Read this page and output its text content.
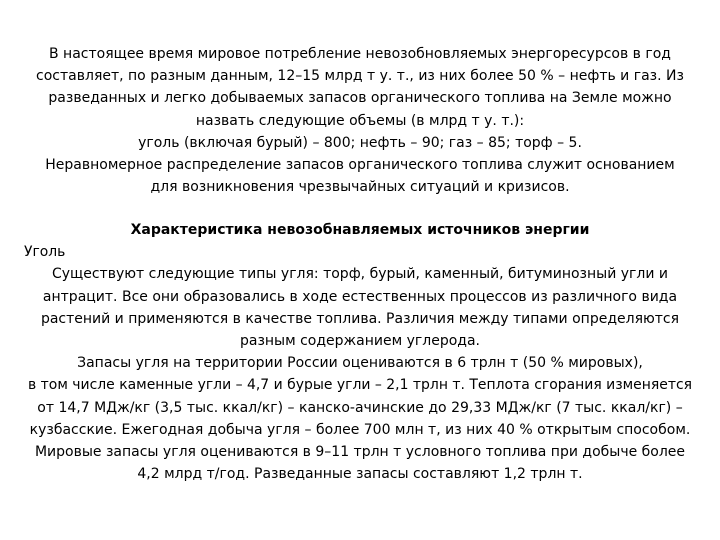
В настоящее время мировое потребление невозобновляемых энергоресурсов в год
составляет, по разным данным, 12–15 млрд т у. т., из них более 50 % – нефть и газ. Из
разведанных и легко добываемых запасов органического топлива на Земле можно
назвать следующие объемы (в млрд т у. т.):
уголь (включая бурый) – 800; нефть – 90; газ – 85; торф – 5.
Неравномерное распределение запасов органического топлива служит основанием
для возникновения чрезвычайных ситуаций и кризисов.
Характеристика невозобнавляемых источников энергии
Уголь
Существуют следующие типы угля: торф, бурый, каменный, битуминозный угли и
антрацит. Все они образовались в ходе естественных процессов из различного вида
растений и применяются в качестве топлива. Различия между типами определяются
разным содержанием углерода.
Запасы угля на территории России оцениваются в 6 трлн т (50 % мировых),
в том числе каменные угли – 4,7 и бурые угли – 2,1 трлн т. Теплота сгорания изменяется
от 14,7 МДж/кг (3,5 тыс. ккал/кг) – канско-ачинские до 29,33 МДж/кг (7 тыс. ккал/кг) –
кузбасские. Ежегодная добыча угля – более 700 млн т, из них 40 % открытым способом.
Мировые запасы угля оцениваются в 9–11 трлн т условного топлива при добыче более
4,2 млрд т/год. Разведанные запасы составляют 1,2 трлн т.
